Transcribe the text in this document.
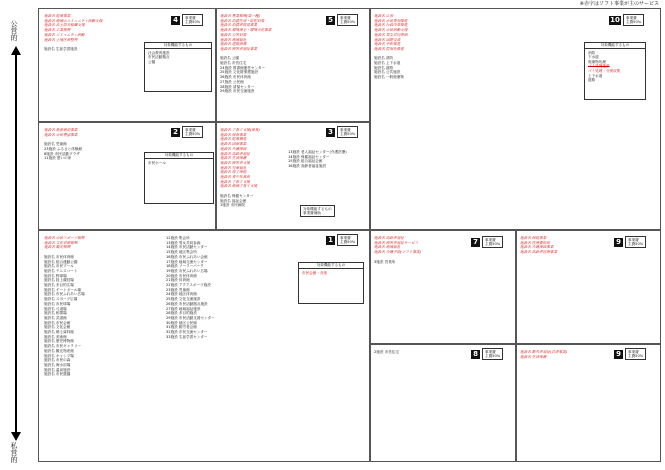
※赤字はソフト事業が主のサービス
公営的
私営的
4	事業費
主費50%	5	事業費
主費50%	10	事業費
主費50%
2	事業費
主費50%	3	事業費
主費50%
1	事業費
主費50%	7	事業費
主費50%	9	事業費
主費50%
8	事業費
主費50%	9	事業費
主費50%
施設名 健康事業
施設名 地域のコミュニティ活動支援
施設名 自主防災組織支援
施設名 工業振興
施設名 コミュニティ活動
施設名 土地区画整理

施設名 生涯学習施設
施設名 農業振興(第一種)
施設名 消費生活・防犯対策
施設名 消費者啓発事業
施設名 環境保全・環境美化事業
施設名 公害対策
施設名 地域福祉
施設名 建築指導
施設名 障害者福祉事業

施設名 公園
施設名 市営住宅
24施設 図書館運営センター
25施設 文化財保護施設
26施設 市民体育館
27施設 公民館
28施設 清掃センター
29施設 市民交流施設
施設名 広報
施設名 市民参加推進
施設名 行政改革推進
施設名 市民活動支援
施設名 男女共同参画
施設名 国際交流
施設名 平和推進
施設名 情報化推進

施設名 消防
施設名 上下水道
施設名 道路
施設名 公共施設
施設名 一般廃棄物
施設名 地産地消事業
施設名 市民農園事業

施設名 児童館
23施設 ふるさと体験館
8施設 市民活動プラザ
11施設 憩いの家
施設名 子育て支援(保育)
施設名 保育事業
施設名 健康増進
施設名 国保事業
施設名 介護保険
施設名 高齢者福祉
施設名 生活保護
施設名 障害者支援
施設名 児童福祉
施設名 母子保健
施設名 青少年育成
施設名 子育て支援
施設名 地域子育て支援

施設名 保健センター
施設名 福祉会館
1施設 市民病院
施設名 市民スポーツ振興
施設名 文化芸術振興
施設名 観光振興

施設名 市民体育館
施設名 総合運動公園
施設名 市民プール
施設名 テニスコート
施設名 野球場
施設名 陸上競技場
施設名 多目的広場
施設名 ゲートボール場
施設名 市民ふれあい広場
施設名 スポーツ広場
施設名 市民球場
施設名 弓道場
施設名 相撲場
施設名 武道館
施設名 市民会館
施設名 文化会館
施設名 郷土資料館
施設名 美術館
施設名 歴史博物館
施設名 市民ギャラリー
施設名 観光物産館
施設名 キャンプ場
施設名 市民の森
施設名 海水浴場
施設名 温泉施設
施設名 市民農園
施設名 高齢者福祉
施設名 障害者福祉サービス
施設名 地域福祉
施設名 介護予防(ソフト事業)

3施設 営業所
施設名 保健事業
施設名 医療費助成
施設名 介護保険事業
施設名 高齢者医療事業
2施設 市営住宅	施設名 勤労者福祉(共済事業)
施設名 生活保護
13施設 老人福祉センター(介護医療)
14施設 保健福祉センター
15施設 総合福祉会館
16施設 高齢者福祉施設
12施設 集会所
13施設 男女共同参画
14施設 市民活動センター
15施設 地区集会所
16施設 市民ふれあい会館
17施設 地域交流センター
18施設 ソーラーパーク
19施設 市民ふれあい広場
20施設 市民体育館
21施設 体育館
22施設 アクアスポーツ施設
23施設 児童館
24施設 地区体育館
25施設 文化交流施設
26施設 市民活動拠点施設
27施設 地域福祉施設
28施設 多目的施設
29施設 市民活動支援センター
30施設 地区公民館
31施設 勤労者会館
32施設 市民交流センター
33施設 生涯学習センター
対象機能するもの
事業費補助
対象機能するもの
社会教育施設
市民活動拠点
公園
対象機能するもの
消防
下水道
廃棄物処理
ゴミ処理施設
ゴミ処理・分別収集
上下水道
道路
対象機能するもの
市民ホール
対象機能するもの
市民会館・音楽
